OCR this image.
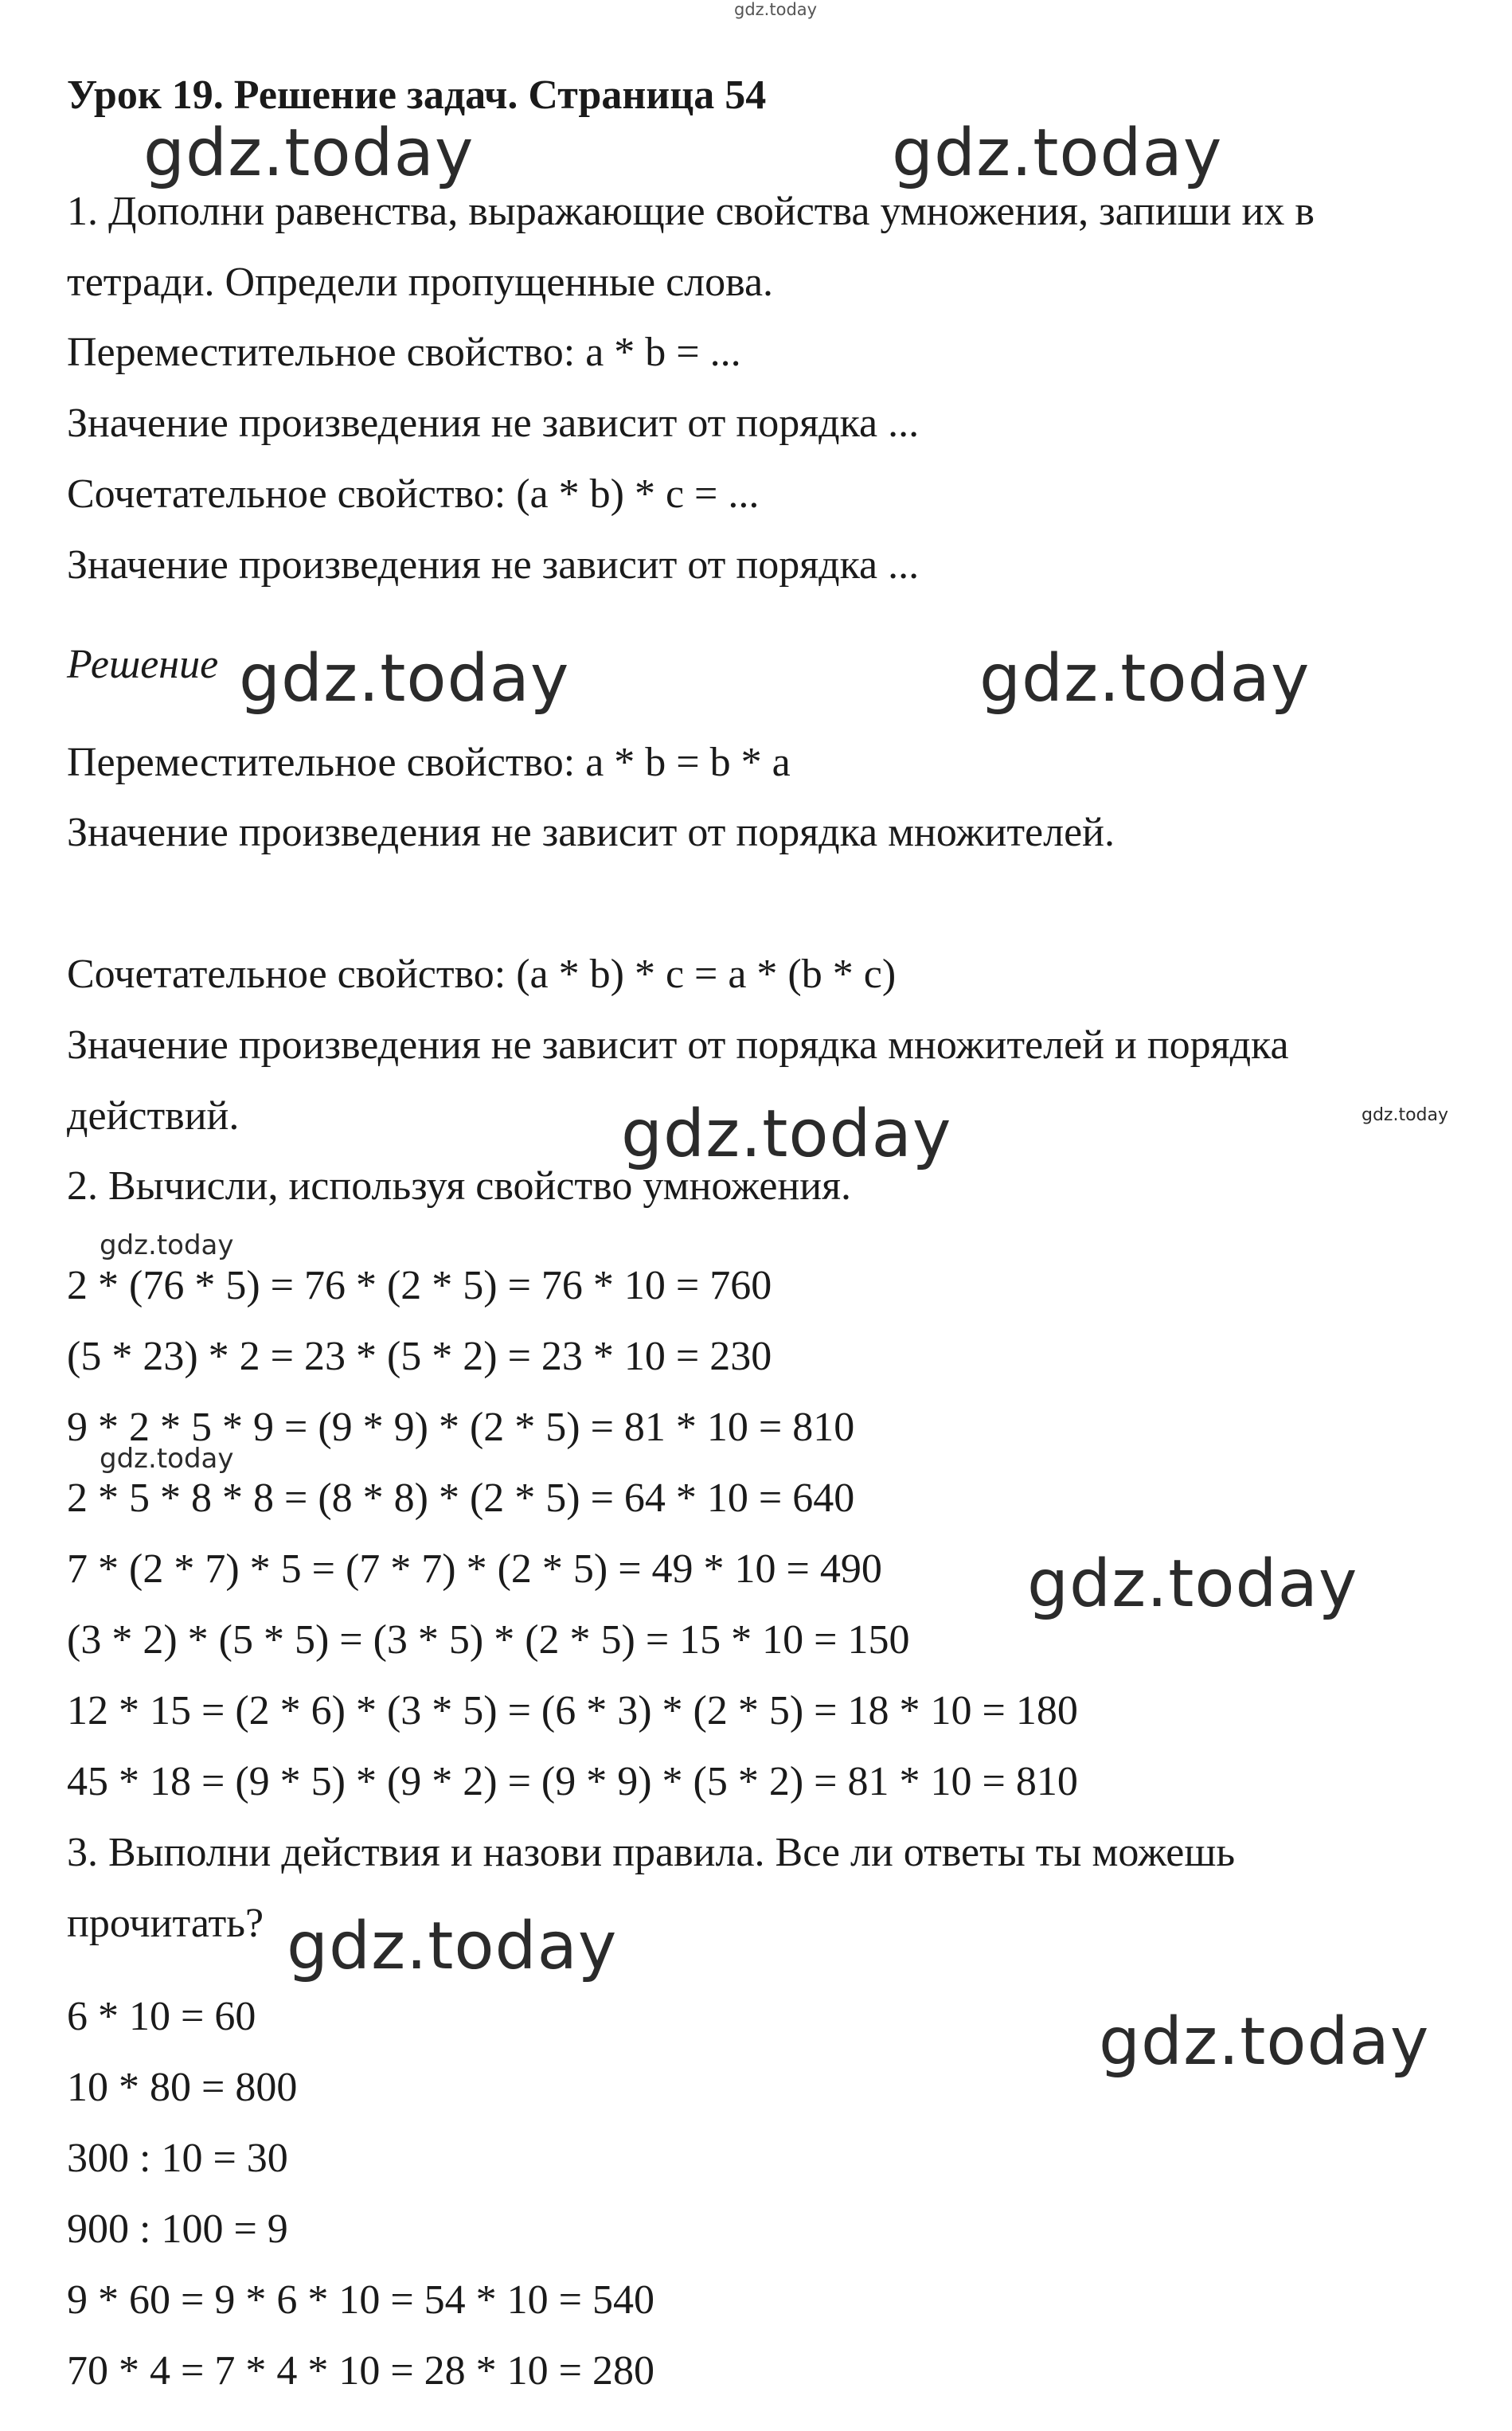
gdz.today
Урок 19. Решение задач. Страница 54
1. Дополни равенства, выражающие свойства умножения, запиши их в
тетради. Определи пропущенные слова.
Переместительное свойство: a * b = ...
Значение произведения не зависит от порядка ...
Сочетательное свойство: (a * b) * c = ...
Значение произведения не зависит от порядка ...
Решение
Переместительное свойство: a * b = b * a
Значение произведения не зависит от порядка множителей.
Сочетательное свойство: (a * b) * c = a * (b * c)
Значение произведения не зависит от порядка множителей и порядка
действий.
2. Вычисли, используя свойство умножения.
2 * (76 * 5) = 76 * (2 * 5) = 76 * 10 = 760
(5 * 23) * 2 = 23 * (5 * 2) = 23 * 10 = 230
9 * 2 * 5 * 9 = (9 * 9) * (2 * 5) = 81 * 10 = 810
2 * 5 * 8 * 8 = (8 * 8) * (2 * 5) = 64 * 10 = 640
7 * (2 * 7) * 5 = (7 * 7) * (2 * 5) = 49 * 10 = 490
(3 * 2) * (5 * 5) = (3 * 5) * (2 * 5) = 15 * 10 = 150
12 * 15 = (2 * 6) * (3 * 5) = (6 * 3) * (2 * 5) = 18 * 10 = 180
45 * 18 = (9 * 5) * (9 * 2) = (9 * 9) * (5 * 2) = 81 * 10 = 810
3. Выполни действия и назови правила. Все ли ответы ты можешь
прочитать?
6 * 10 = 60
10 * 80 = 800
300 : 10 = 30
900 : 100 = 9
9 * 60 = 9 * 6 * 10 = 54 * 10 = 540
70 * 4 = 7 * 4 * 10 = 28 * 10 = 280
gdz.today	gdz.today
gdz.today	gdz.today
gdz.today	gdz.today
gdz.today
gdz.today
gdz.today
gdz.today
gdz.today
